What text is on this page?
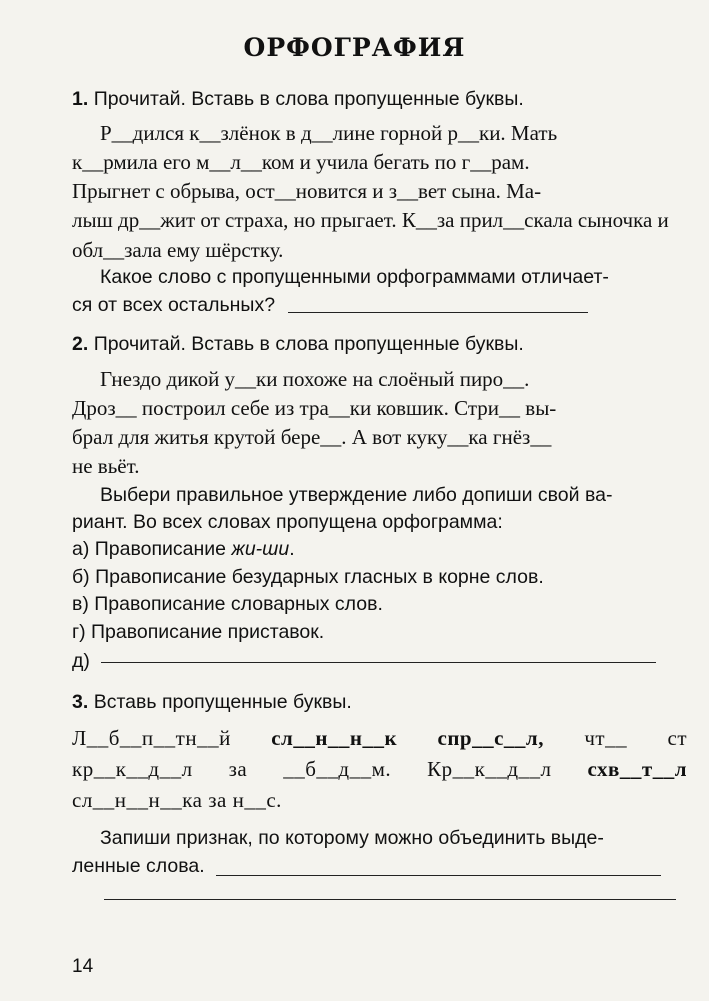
ОРФОГРАФИЯ
1. Прочитай. Вставь в слова пропущенные буквы.
Р__дился к__злёнок в д__лине горной р__ки. Мать
к__рмила его м__л__ком и учила бегать по г__рам.
Прыгнет с обрыва, ост__новится и з__вет сына. Ма-
лыш др__жит от страха, но прыгает. К__за прил__скала сыночка и обл__зала ему шёрстку.
Какое слово с пропущенными орфограммами отличает-
ся от всех остальных?
2. Прочитай. Вставь в слова пропущенные буквы.
Гнездо дикой у__ки похоже на слоёный пиро__.
Дроз__ построил себе из тра__ки ковшик. Стри__ вы-
брал для житья крутой бере__. А вот куку__ка гнёз__
не вьёт.
Выбери правильное утверждение либо допиши свой ва-
риант. Во всех словах пропущена орфограмма:
а) Правописание жи-ши.
б) Правописание безударных гласных в корне слов.
в) Правописание словарных слов.
г) Правописание приставок.
д)
3. Вставь пропущенные буквы.
Л__б__п__тн__й сл__н__н__к спр__с__л, чт__ ст
кр__к__д__л за __б__д__м. Кр__к__д__л схв__т__л
сл__н__н__ка за н__с.
Запиши признак, по которому можно объединить выде-
ленные слова.
14
